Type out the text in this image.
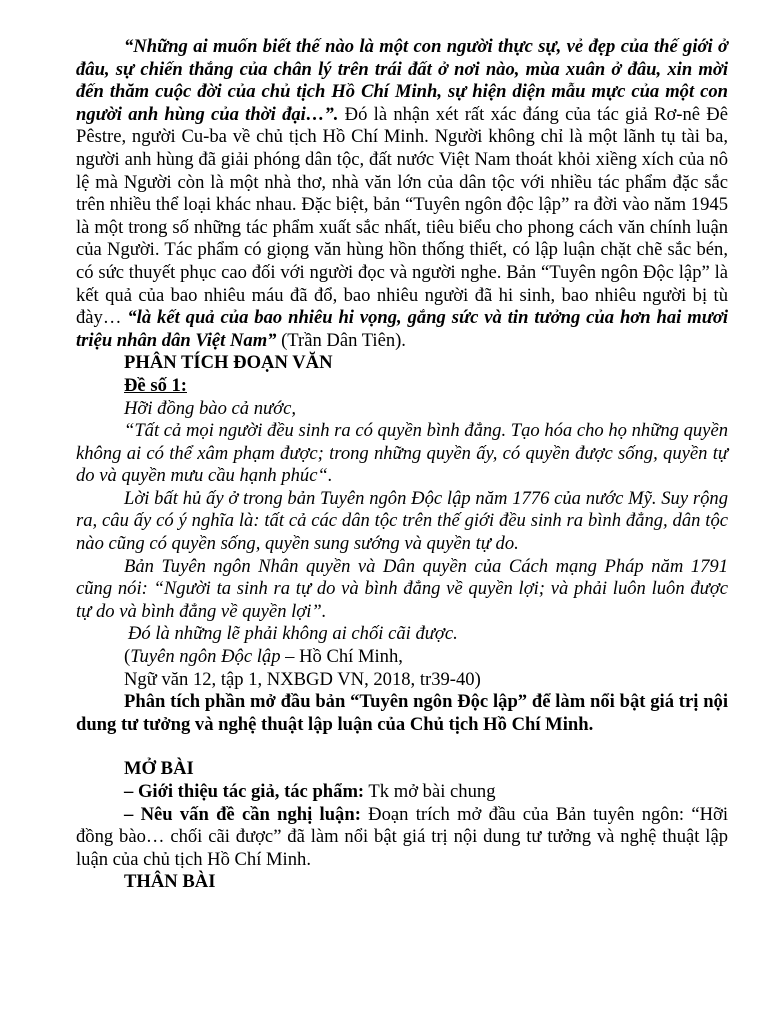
“Những ai muốn biết thế nào là một con người thực sự, vẻ đẹp của thế giới ở đâu, sự chiến thắng của chân lý trên trái đất ở nơi nào, mùa xuân ở đâu, xin mời đến thăm cuộc đời của chủ tịch Hồ Chí Minh, sự hiện diện mẫu mực của một con người anh hùng của thời đại…”. Đó là nhận xét rất xác đáng của tác giả Rơ-nê Đê Pêstre, người Cu-ba về chủ tịch Hồ Chí Minh. Người không chỉ là một lãnh tụ tài ba, người anh hùng đã giải phóng dân tộc, đất nước Việt Nam thoát khỏi xiềng xích của nô lệ mà Người còn là một nhà thơ, nhà văn lớn của dân tộc với nhiều tác phẩm đặc sắc trên nhiều thể loại khác nhau. Đặc biệt, bản “Tuyên ngôn độc lập” ra đời vào năm 1945 là một trong số những tác phẩm xuất sắc nhất, tiêu biểu cho phong cách văn chính luận của Người. Tác phẩm có giọng văn hùng hồn thống thiết, có lập luận chặt chẽ sắc bén, có sức thuyết phục cao đối với người đọc và người nghe. Bản “Tuyên ngôn Độc lập” là kết quả của bao nhiêu máu đã đổ, bao nhiêu người đã hi sinh, bao nhiêu người bị tù đày… “là kết quả của bao nhiêu hi vọng, gắng sức và tin tưởng của hơn hai mươi triệu nhân dân Việt Nam” (Trần Dân Tiên).

PHÂN TÍCH ĐOẠN VĂN

Đề số 1:

Hỡi đồng bào cả nước,

“Tất cả mọi người đều sinh ra có quyền bình đẳng. Tạo hóa cho họ những quyền không ai có thể xâm phạm được; trong những quyền ấy, có quyền được sống, quyền tự do và quyền mưu cầu hạnh phúc“.

Lời bất hủ ấy ở trong bản Tuyên ngôn Độc lập năm 1776 của nước Mỹ. Suy rộng ra, câu ấy có ý nghĩa là: tất cả các dân tộc trên thế giới đều sinh ra bình đẳng, dân tộc nào cũng có quyền sống, quyền sung sướng và quyền tự do.

Bản Tuyên ngôn Nhân quyền và Dân quyền của Cách mạng Pháp năm 1791 cũng nói: “Người ta sinh ra tự do và bình đẳng về quyền lợi; và phải luôn luôn được tự do và bình đẳng về quyền lợi”.

Đó là những lẽ phải không ai chối cãi được.

(Tuyên ngôn Độc lập – Hồ Chí Minh,

Ngữ văn 12, tập 1, NXBGD VN, 2018, tr39-40)

Phân tích phần mở đầu bản “Tuyên ngôn Độc lập” để làm nổi bật giá trị nội dung tư tưởng và nghệ thuật lập luận của Chủ tịch Hồ Chí Minh.

MỞ BÀI

– Giới thiệu tác giả, tác phẩm: Tk mở bài chung

– Nêu vấn đề cần nghị luận: Đoạn trích mở đầu của Bản tuyên ngôn: “Hỡi đồng bào… chối cãi được” đã làm nổi bật giá trị nội dung tư tưởng và nghệ thuật lập luận của chủ tịch Hồ Chí Minh.

THÂN BÀI
